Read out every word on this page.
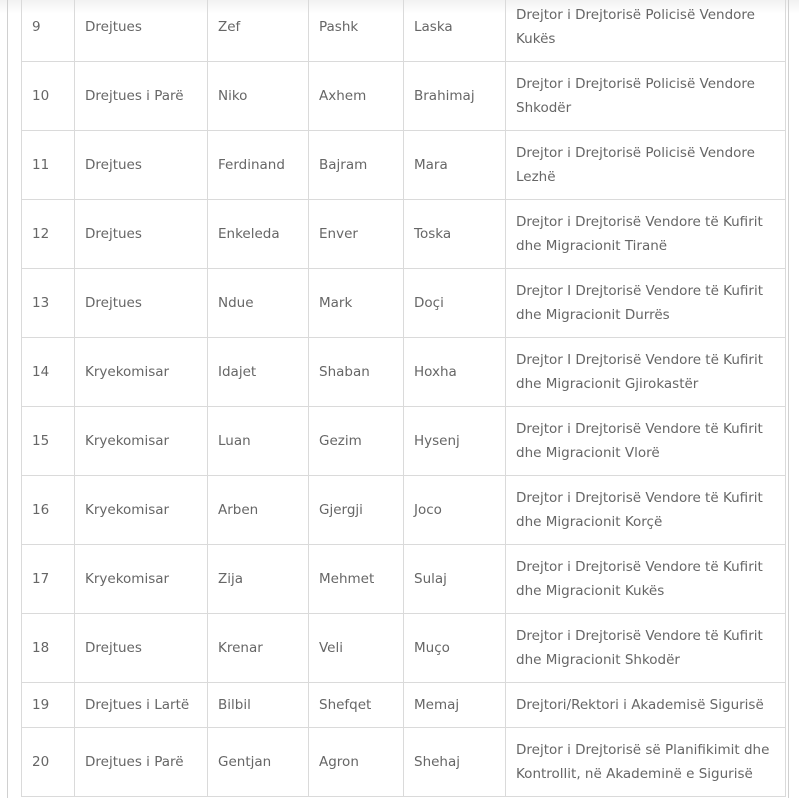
9	Drejtues	Zef	Pashk	Laska	Drejtor i Drejtorisë Policisë Vendore Kukës
10	Drejtues i Parë	Niko	Axhem	Brahimaj	Drejtor i Drejtorisë Policisë Vendore Shkodër
11	Drejtues	Ferdinand	Bajram	Mara	Drejtor i Drejtorisë Policisë Vendore Lezhë
12	Drejtues	Enkeleda	Enver	Toska	Drejtor i Drejtorisë Vendore të Kufirit dhe Migracionit Tiranë
13	Drejtues	Ndue	Mark	Doçi	Drejtor I Drejtorisë Vendore të Kufirit dhe Migracionit Durrës
14	Kryekomisar	Idajet	Shaban	Hoxha	Drejtor I Drejtorisë Vendore të Kufirit dhe Migracionit Gjirokastër
15	Kryekomisar	Luan	Gezim	Hysenj	Drejtor i Drejtorisë Vendore të Kufirit dhe Migracionit Vlorë
16	Kryekomisar	Arben	Gjergji	Joco	Drejtor i Drejtorisë Vendore të Kufirit dhe Migracionit Korçë
17	Kryekomisar	Zija	Mehmet	Sulaj	Drejtor i Drejtorisë Vendore të Kufirit dhe Migracionit Kukës
18	Drejtues	Krenar	Veli	Muço	Drejtor i Drejtorisë Vendore të Kufirit dhe Migracionit Shkodër
19	Drejtues i Lartë	Bilbil	Shefqet	Memaj	Drejtori/Rektori i Akademisë Sigurisë
20	Drejtues i Parë	Gentjan	Agron	Shehaj	Drejtor i Drejtorisë së Planifikimit dhe Kontrollit, në Akademinë e Sigurisë
